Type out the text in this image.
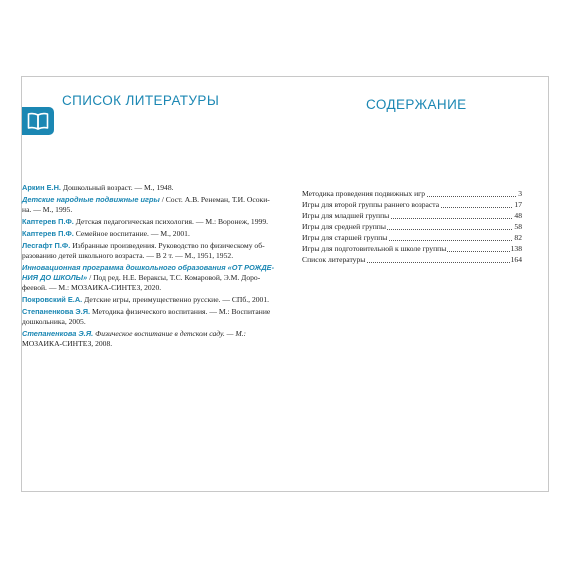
СПИСОК ЛИТЕРАТУРЫ
Аркин Е.Н. Дошкольный возраст. — М., 1948.
Детские народные подвижные игры / Сост. А.В. Ренеман, Т.И. Осоки-
на. — М., 1995.
Каптерев П.Ф. Детская педагогическая психология. — М.: Воронеж, 1999.
Каптерев П.Ф. Семейное воспитание. — М., 2001.
Лесгафт П.Ф. Избранные произведения. Руководство по физическому об-
разованию детей школьного возраста. — В 2 т. — М., 1951, 1952.
Инновационная программа дошкольного образования «ОТ РОЖДЕ-
НИЯ ДО ШКОЛЫ» / Под ред. Н.Е. Вераксы, Т.С. Комаровой, Э.М. Доро-
феевой. — М.: МОЗАИКА-СИНТЕЗ, 2020.
Покровский Е.А. Детские игры, преимущественно русские. — СПб., 2001.
Степаненкова Э.Я. Методика физического воспитания. — М.: Воспитание
дошкольника, 2005.
Степаненкова Э.Я. Физическое воспитание в детском саду. — М.:
МОЗАИКА-СИНТЕЗ, 2008.
СОДЕРЖАНИЕ
Методика проведения подвижных игр	3
Игры для второй группы раннего возраста	17
Игры для младшей группы	48
Игры для средней группы	58
Игры для старшей группы	82
Игры для подготовительной к школе группы	138
Список литературы	164
